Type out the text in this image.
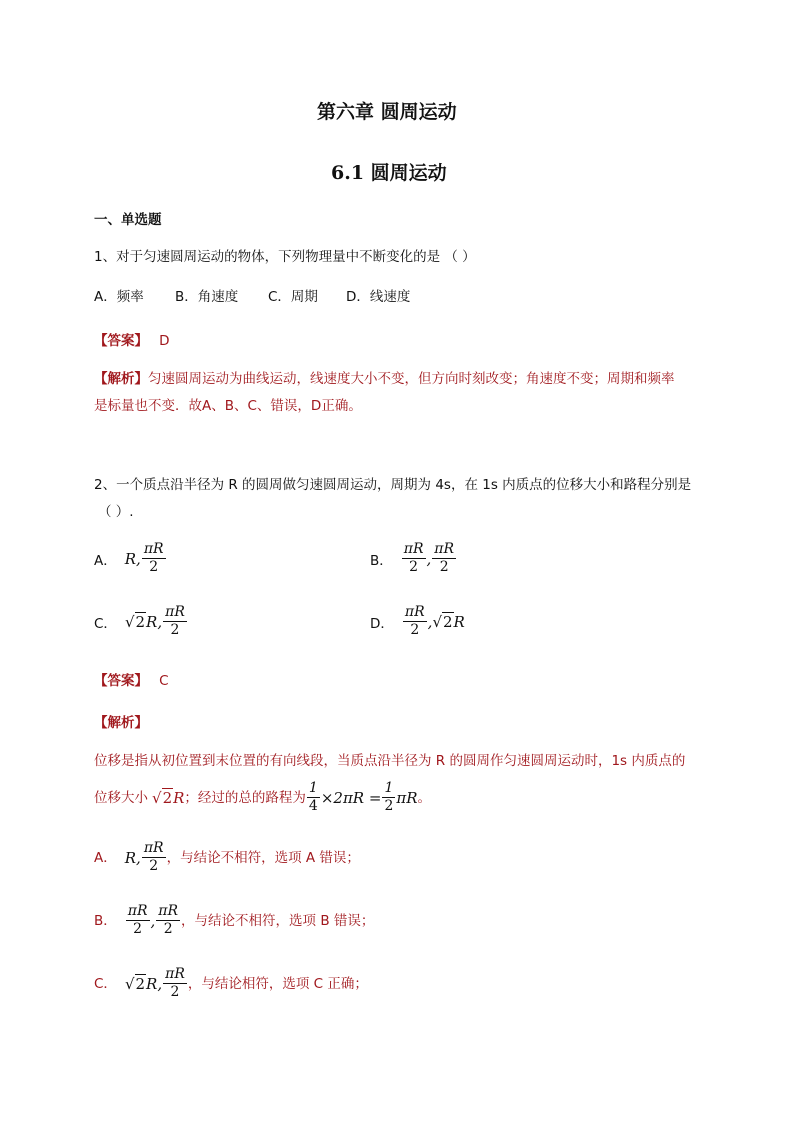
第六章 圆周运动
6.1 圆周运动
一、单选题
1、对于匀速圆周运动的物体，下列物理量中不断变化的是 （ ）
A．频率 B．角速度 C．周期 D．线速度
【答案】 D
【解析】匀速圆周运动为曲线运动，线速度大小不变，但方向时刻改变；角速度不变；周期和频率
是标量也不变．故A、B、C、错误，D正确。
2、一个质点沿半径为 R 的圆周做匀速圆周运动，周期为 4s，在 1s 内质点的位移大小和路程分别是
（ ）.
A． R , $\frac{\pi R}{2}$	B． $\frac{\pi R}{2}$ , $\frac{\pi R}{2}$
C． √2 R , $\frac{\pi R}{2}$	D． $\frac{\pi R}{2}$ , √2 R
【答案】 C
【解析】
位移是指从初位置到末位置的有向线段，当质点沿半径为 R 的圆周作匀速圆周运动时，1s 内质点的
位移大小 √2 R ；经过的总的路程为 $\frac{1}{4} \times 2\pi R = \frac{1}{2}$ πR 。
A． R , $\frac{\pi R}{2}$ ，与结论不相符，选项 A 错误；
B． $\frac{\pi R}{2}$ , $\frac{\pi R}{2}$ ，与结论不相符，选项 B 错误；
C． √2 R , $\frac{\pi R}{2}$ ，与结论相符，选项 C 正确；
